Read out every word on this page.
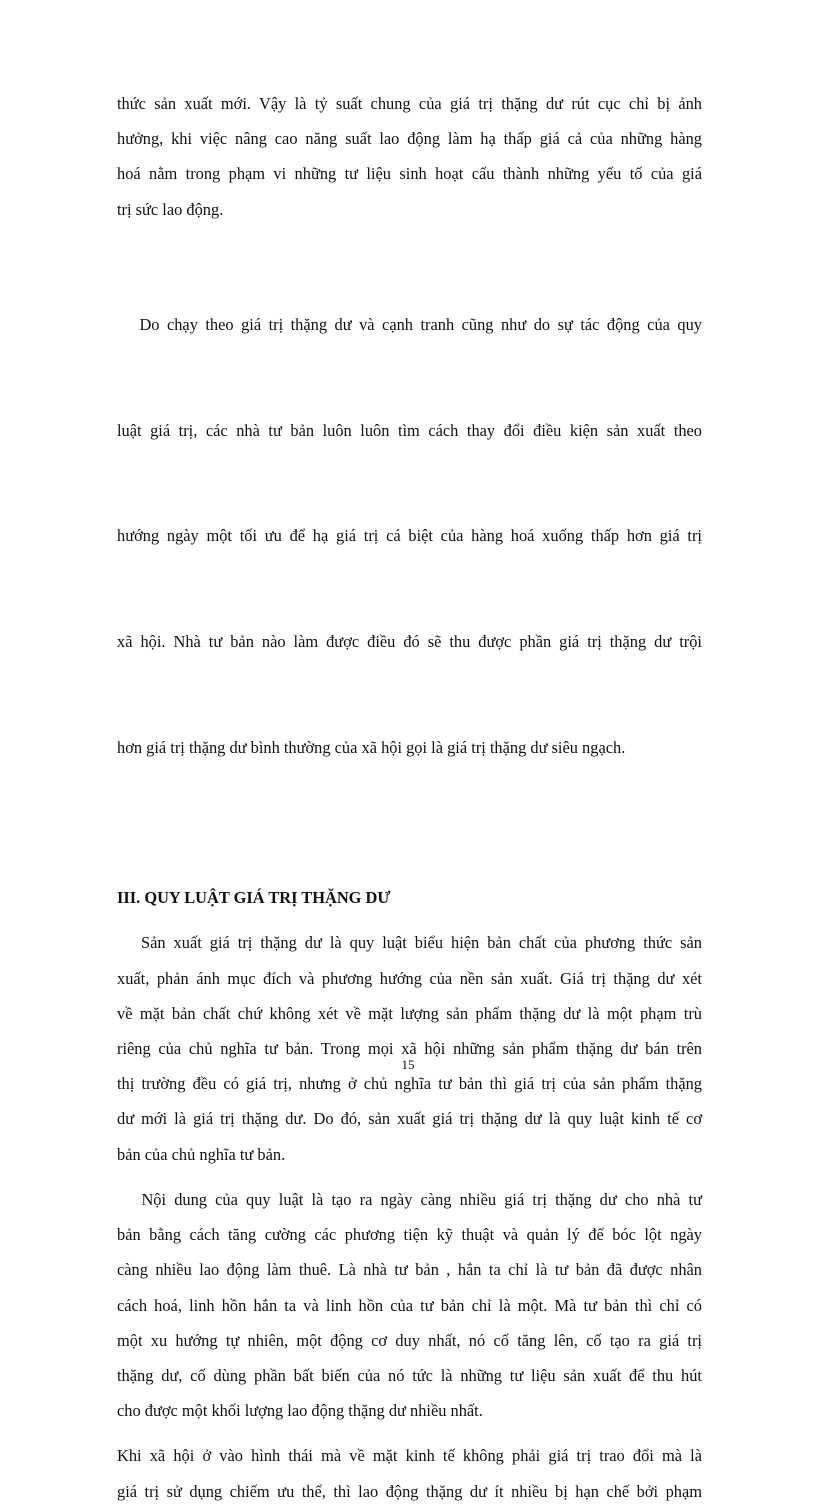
thức sản xuất mới. Vậy là tỷ suất chung của giá trị thặng dư rút cục chỉ bị ảnh
hưởng, khi việc nâng cao năng suất lao động làm hạ thấp giá cả của những hàng
hoá nằm trong phạm vi những tư liệu sinh hoạt cấu thành những yếu tố của giá
trị sức lao động.

Do chạy theo giá trị thặng dư và cạnh tranh cũng như do sự tác động của quy

luật giá trị, các nhà tư bản luôn luôn tìm cách thay đổi điều kiện sản xuất theo

hướng ngày một tối ưu để hạ giá trị cá biệt của hàng hoá xuống thấp hơn giá trị

xã hội. Nhà tư bản nào làm được điều đó sẽ thu được phần giá trị thặng dư trội

hơn giá trị thặng dư bình thường của xã hội gọi là giá trị thặng dư siêu ngạch.

III. QUY LUẬT GIÁ TRỊ THẶNG DƯ

Sản xuất giá trị thặng dư là quy luật biểu hiện bản chất của phương thức sản
xuất, phản ánh mục đích và phương hướng của nền sản xuất. Giá trị thặng dư xét
về mặt bản chất chứ không xét về mặt lượng sản phẩm thặng dư là một phạm trù
riêng của chủ nghĩa tư bản. Trong mọi xã hội những sản phẩm thặng dư bán trên
thị trường đều có giá trị, nhưng ở chủ nghĩa tư bản thì giá trị của sản phẩm thặng
dư mới là giá trị thặng dư. Do đó, sản xuất giá trị thặng dư là quy luật kinh tế cơ
bản của chủ nghĩa tư bản.

Nội dung của quy luật là tạo ra ngày càng nhiều giá trị thặng dư cho nhà tư
bản bằng cách tăng cường các phương tiện kỹ thuật và quản lý để bóc lột ngày
càng nhiều lao động làm thuê. Là nhà tư bản , hắn ta chỉ là tư bản đã được nhân
cách hoá, linh hồn hắn ta và linh hồn của tư bản chỉ là một. Mà tư bản thì chỉ có
một xu hướng tự nhiên, một động cơ duy nhất, nó cố tăng lên, cố tạo ra giá trị
thặng dư, cố dùng phần bất biến của nó tức là những tư liệu sản xuất để thu hút
cho được một khối lượng lao động thặng dư nhiều nhất.

Khi xã hội ở vào hình thái mà về mặt kinh tế không phải giá trị trao đổi mà là
giá trị sử dụng chiếm ưu thế, thì lao động thặng dư ít nhiều bị hạn chế bởi phạm

15
